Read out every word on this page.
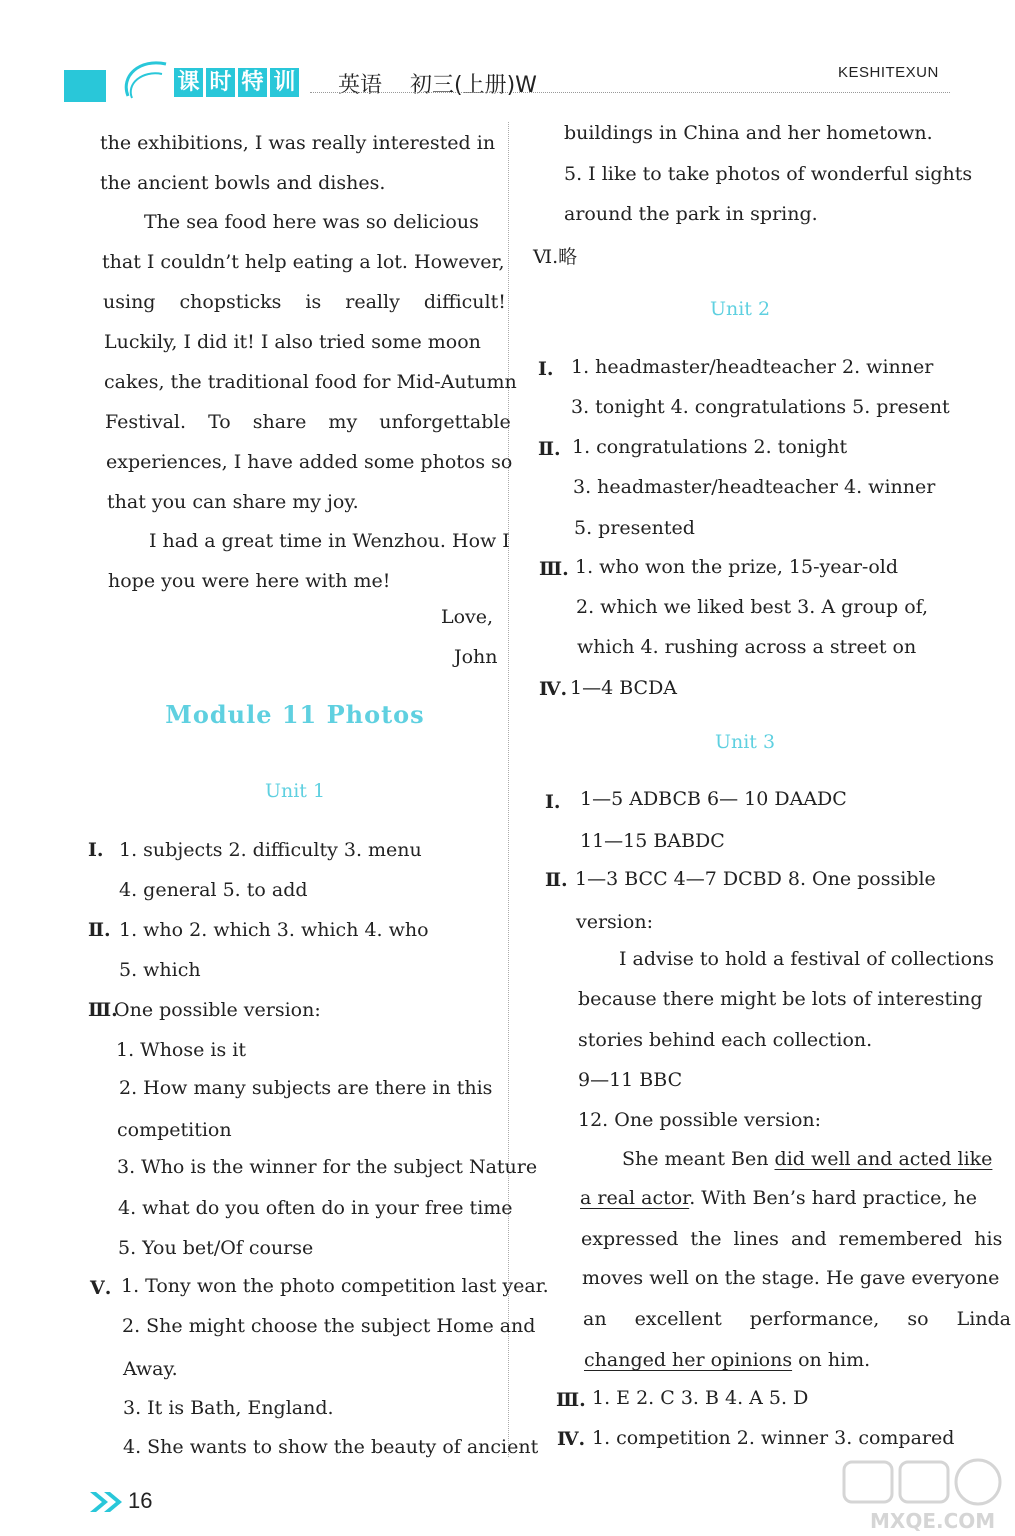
课 时 特 训 英语 初三(上册)W
KESHITEXUN
the exhibitions, I was really interested in
the ancient bowls and dishes.
The sea food here was so delicious
that I couldn’t help eating a lot. However,
using chopsticks is really difficult!
Luckily, I did it! I also tried some moon
cakes, the traditional food for Mid-Autumn
Festival. To share my unforgettable
experiences, I have added some photos so
that you can share my joy.
I had a great time in Wenzhou. How I
hope you were here with me!
Love,
John
Module 11 Photos
Unit 1
Ⅰ. 1. subjects 2. difficulty 3. menu
4. general 5. to add
Ⅱ. 1. who 2. which 3. which 4. who
5. which
Ⅲ.
One possible version:
1. Whose is it
2. How many subjects are there in this
competition
3. Who is the winner for the subject Nature
4. what do you often do in your free time
5. You bet/Of course
Ⅴ. 1. Tony won the photo competition last year.
2. She might choose the subject Home and
Away.
3. It is Bath, England.
4. She wants to show the beauty of ancient
buildings in China and her hometown.
5. I like to take photos of wonderful sights
around the park in spring.
Ⅵ.略
Unit 2
Ⅰ. 1. headmaster/headteacher 2. winner
3. tonight 4. congratulations 5. present
Ⅱ. 1. congratulations 2. tonight
3. headmaster/headteacher 4. winner
5. presented
Ⅲ. 1. who won the prize, 15-year-old
2. which we liked best 3. A group of,
which 4. rushing across a street on
Ⅳ. 1—4 BCDA
Unit 3
Ⅰ. 1—5 ADBCB 6— 10 DAADC
11—15 BABDC
Ⅱ. 1—3 BCC 4—7 DCBD 8. One possible
version:
I advise to hold a festival of collections
because there might be lots of interesting
stories behind each collection.
9—11 BBC
12. One possible version:
She meant Ben did well and acted like
a real actor. With Ben’s hard practice, he
expressed the lines and remembered his
moves well on the stage. He gave everyone
an excellent performance, so Linda
changed her opinions on him.
Ⅲ. 1. E 2. C 3. B 4. A 5. D
Ⅳ. 1. competition 2. winner 3. compared
16
MXQE.COM
